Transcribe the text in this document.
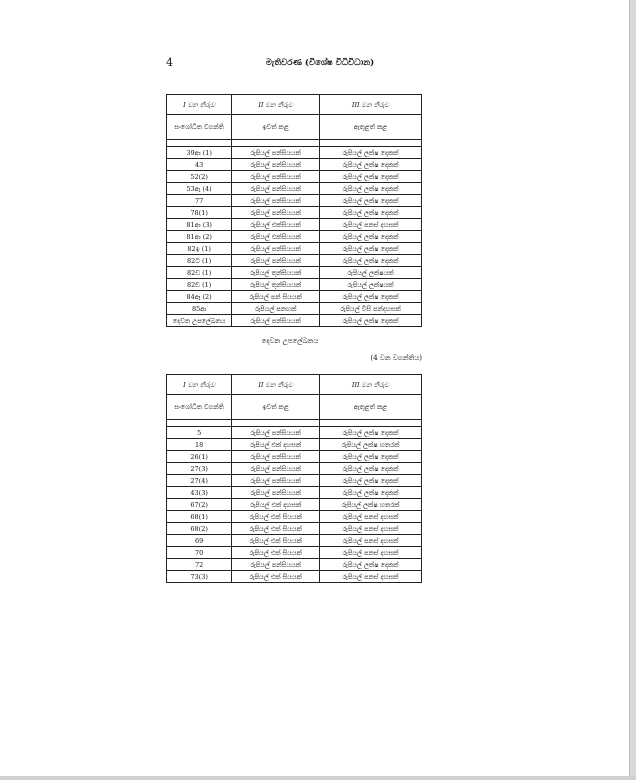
4	මැතිවරණ (විශේෂ විධිවිධාන)
I වන තීරුව	II වන තීරුව	III වන තීරුව
සංශෝධිත වගන්ති	ඉවත් කළ	ඇතුළත් කළ

39ආ (1)	රුපියල් පන්සියයක්	රුපියල් ලක්ෂ දෙකක්
43	රුපියල් පන්සියයක්	රුපියල් ලක්ෂ දෙකක්
52(2)	රුපියල් පන්සියයක්	රුපියල් ලක්ෂ දෙකක්
53ඇ (4)	රුපියල් පන්සියයක්	රුපියල් ලක්ෂ දෙකක්
77	රුපියල් පන්සියයක්	රුපියල් ලක්ෂ දෙකක්
78(1)	රුපියල් පන්සියයක්	රුපියල් ලක්ෂ දෙකක්
81ආ (3)	රුපියල් එක්සියයක්	රුපියල් පනස් දහසක්
81ආ (2)	රුපියල් එක්සියයක්	රුපියල් ලක්ෂ දෙකක්
82ඉ (1)	රුපියල් පන්සියයක්	රුපියල් ලක්ෂ දෙකක්
82ට (1)	රුපියල් පන්සියයක්	රුපියල් ලක්ෂ දෙකක්
82ඩ (1)	රුපියල් තුන්සියයක්	රුපියල් ලක්ෂයක්
82ඞ (1)	රුපියල් තුන්සියයක්	රුපියල් ලක්ෂයක්
84ඈ (2)	රුපියල් පන් සියයක්	රුපියල් ලක්ෂ දෙකක්
85ආ	රුපියල් පනහක්	රුපියල් විසි පන්දහසක්
දෙවන උපලේඛනය	රුපියල් පන්සියයක්	රුපියල් ලක්ෂ දෙකක්
දෙවන උපලේඛනය
(4 වන වගන්තිය)
I වන තීරුව	II වන තීරුව	III වන තීරුව
සංශෝධිත වගන්ති	ඉවත් කළ	ඇතුළත් කළ

5	රුපියල් පන්සියයක්	රුපියල් ලක්ෂ දෙකක්
18	රුපියල් එක් දහසක්	රුපියල් ලක්ෂ හතරක්
26(1)	රුපියල් පන්සියයක්	රුපියල් ලක්ෂ දෙකක්
27(3)	රුපියල් පන්සියයක්	රුපියල් ලක්ෂ දෙකක්
27(4)	රුපියල් පන්සියයක්	රුපියල් ලක්ෂ දෙකක්
43(3)	රුපියල් පන්සියයක්	රුපියල් ලක්ෂ දෙකක්
67(2)	රුපියල් එක් දහසක්	රුපියල් ලක්ෂ හතරක්
68(1)	රුපියල් එක් සියයක්	රුපියල් පනස් දහසක්
68(2)	රුපියල් එක් සියයක්	රුපියල් පනස් දහසක්
69	රුපියල් එක් සියයක්	රුපියල් පනස් දහසක්
70	රුපියල් එක් සියයක්	රුපියල් පනස් දහසක්
72	රුපියල් පන්සියයක්	රුපියල් ලක්ෂ දෙකක්
73(3)	රුපියල් එක් සියයක්	රුපියල් පනස් දහසක්
